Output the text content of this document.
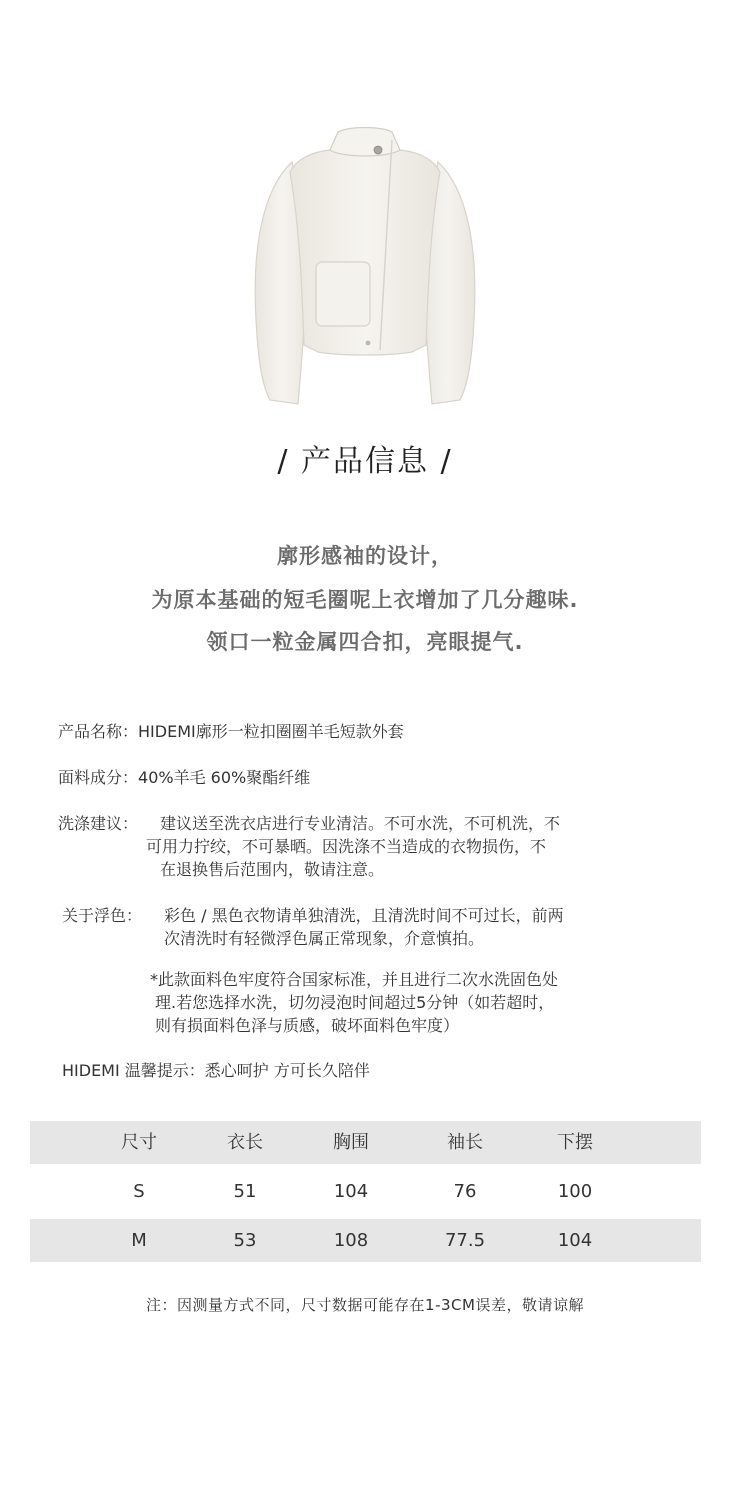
/ 产品信息 /
廓形感袖的设计，
为原本基础的短毛圈呢上衣增加了几分趣味.
领口一粒金属四合扣，亮眼提气.
产品名称：HIDEMI廓形一粒扣圈圈羊毛短款外套
面料成分：40%羊毛 60%聚酯纤维
洗涤建议： 建议送至洗衣店进行专业清洁。不可水洗，不可机洗，不
可用力拧绞，不可暴晒。因洗涤不当造成的衣物损伤，不
在退换售后范围内，敬请注意。
关于浮色： 彩色 / 黑色衣物请单独清洗，且清洗时间不可过长，前两
次清洗时有轻微浮色属正常现象，介意慎拍。
*此款面料色牢度符合国家标准，并且进行二次水洗固色处
理.若您选择水洗，切勿浸泡时间超过5分钟（如若超时，
则有损面料色泽与质感，破坏面料色牢度）
HIDEMI 温馨提示：悉心呵护 方可长久陪伴
尺寸	衣长	胸围	袖长	下摆
S	51	104	76	100
M	53	108	77.5	104
注：因测量方式不同，尺寸数据可能存在1-3CM误差，敬请谅解
